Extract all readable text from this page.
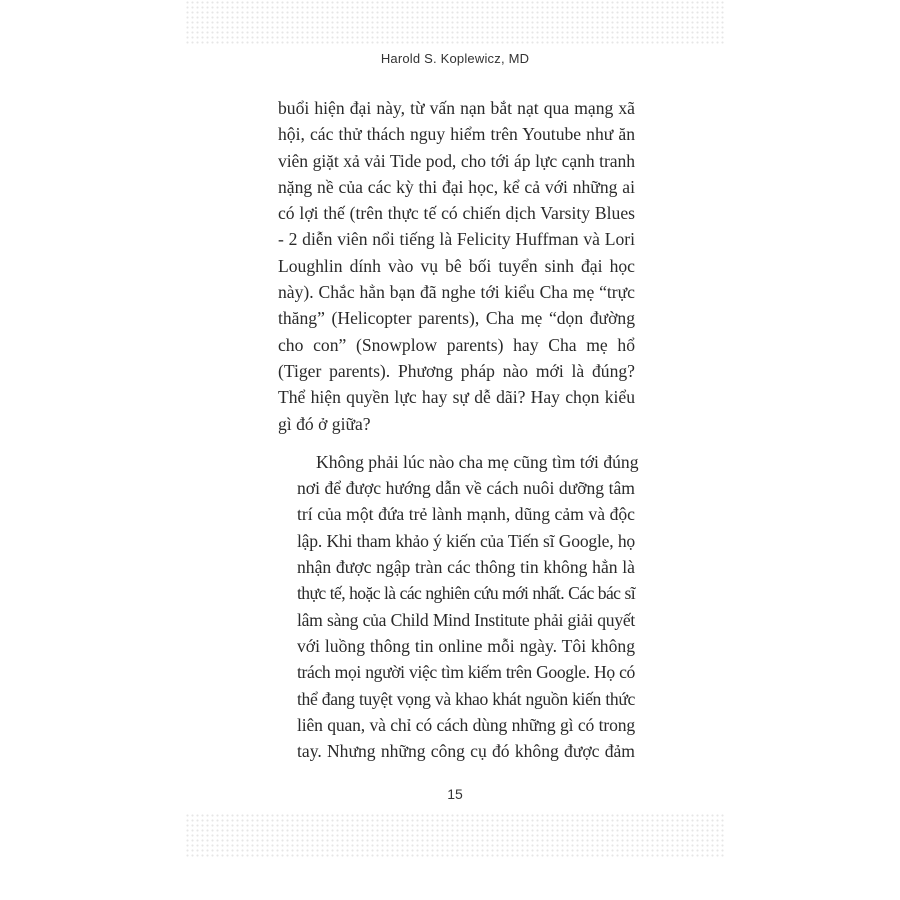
Harold S. Koplewicz, MD

buổi hiện đại này, từ vấn nạn bắt nạt qua mạng xã
hội, các thử thách nguy hiểm trên Youtube như ăn
viên giặt xả vải Tide pod, cho tới áp lực cạnh tranh
nặng nề của các kỳ thi đại học, kể cả với những ai
có lợi thế (trên thực tế có chiến dịch Varsity Blues
- 2 diễn viên nổi tiếng là Felicity Huffman và Lori
Loughlin dính vào vụ bê bối tuyển sinh đại học
này). Chắc hẳn bạn đã nghe tới kiểu Cha mẹ “trực
thăng” (Helicopter parents), Cha mẹ “dọn đường
cho con” (Snowplow parents) hay Cha mẹ hổ
(Tiger parents). Phương pháp nào mới là đúng?
Thể hiện quyền lực hay sự dễ dãi? Hay chọn kiểu
gì đó ở giữa?

Không phải lúc nào cha mẹ cũng tìm tới đúng
nơi để được hướng dẫn về cách nuôi dưỡng tâm
trí của một đứa trẻ lành mạnh, dũng cảm và độc
lập. Khi tham khảo ý kiến của Tiến sĩ Google, họ
nhận được ngập tràn các thông tin không hẳn là
thực tế, hoặc là các nghiên cứu mới nhất. Các bác sĩ
lâm sàng của Child Mind Institute phải giải quyết
với luồng thông tin online mỗi ngày. Tôi không
trách mọi người việc tìm kiếm trên Google. Họ có
thể đang tuyệt vọng và khao khát nguồn kiến thức
liên quan, và chỉ có cách dùng những gì có trong
tay. Nhưng những công cụ đó không được đảm

15
